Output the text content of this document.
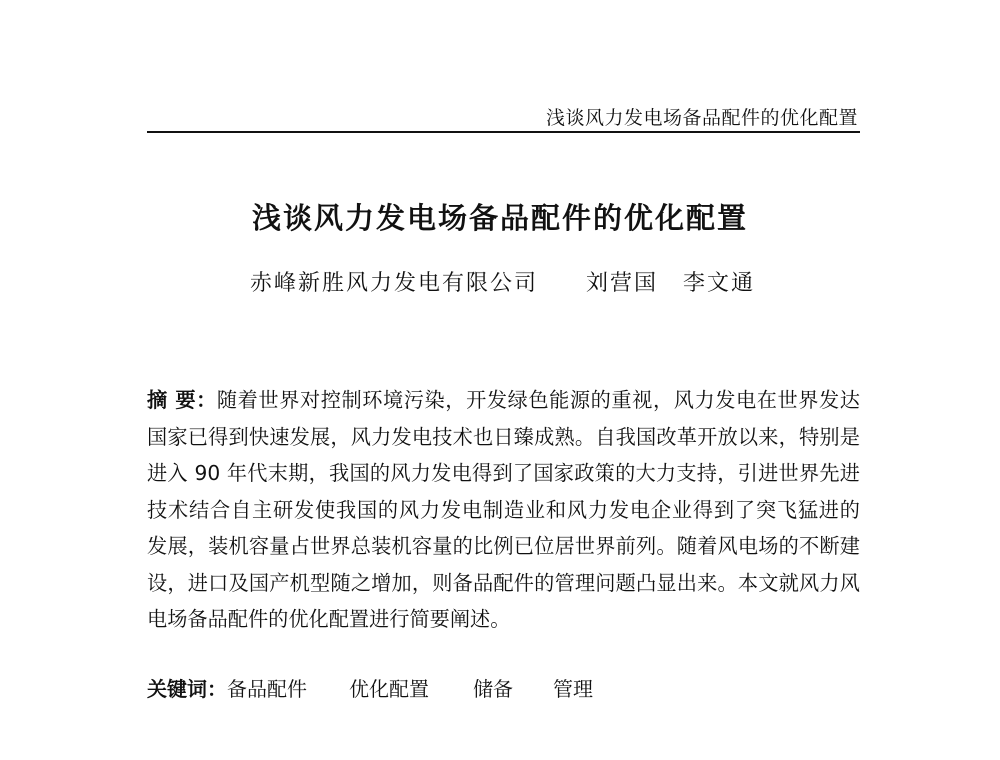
浅谈风力发电场备品配件的优化配置
浅谈风力发电场备品配件的优化配置
赤峰新胜风力发电有限公司 刘营国 李文通
摘 要：随着世界对控制环境污染，开发绿色能源的重视，风力发电在世界发达
国家已得到快速发展，风力发电技术也日臻成熟。自我国改革开放以来，特别是
进入 90 年代末期，我国的风力发电得到了国家政策的大力支持，引进世界先进
技术结合自主研发使我国的风力发电制造业和风力发电企业得到了突飞猛进的
发展，装机容量占世界总装机容量的比例已位居世界前列。随着风电场的不断建
设，进口及国产机型随之增加，则备品配件的管理问题凸显出来。本文就风力风
电场备品配件的优化配置进行简要阐述。
关键词：备品配件 优化配置 储备 管理
